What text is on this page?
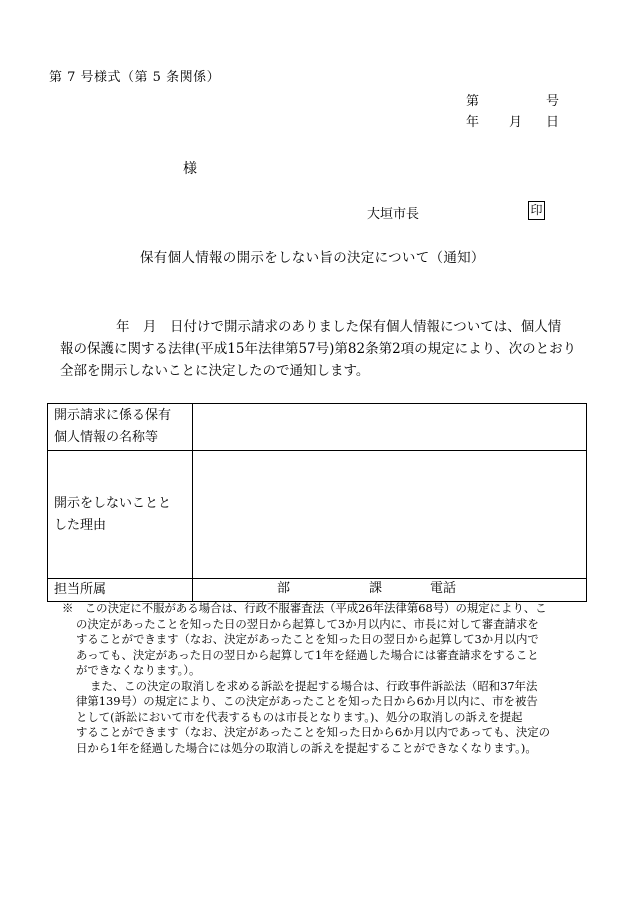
第 7 号様式（第 5 条関係）
第	号
年 月 日
様
大垣市長	印
保有個人情報の開示をしない旨の決定について（通知）
年　月　日付けで開示請求のありました保有個人情報については、個人情
報の保護に関する法律(平成15年法律第57号)第82条第2項の規定により、次のとおり
全部を開示しないことに決定したので通知します。
開示請求に係る保有
個人情報の名称等	

開示をしないことと
した理由	

担当所属	部 課 電話
※　この決定に不服がある場合は、行政不服審査法（平成26年法律第68号）の規定により、こ
の決定があったことを知った日の翌日から起算して3か月以内に、市長に対して審査請求を
することができます（なお、決定があったことを知った日の翌日から起算して3か月以内で
あっても、決定があった日の翌日から起算して1年を経過した場合には審査請求をすること
ができなくなります。）。
また、この決定の取消しを求める訴訟を提起する場合は、行政事件訴訟法（昭和37年法
律第139号）の規定により、この決定があったことを知った日から6か月以内に、市を被告
として(訴訟において市を代表するものは市長となります。)、処分の取消しの訴えを提起
することができます（なお、決定があったことを知った日から6か月以内であっても、決定の
日から1年を経過した場合には処分の取消しの訴えを提起することができなくなります。)。
